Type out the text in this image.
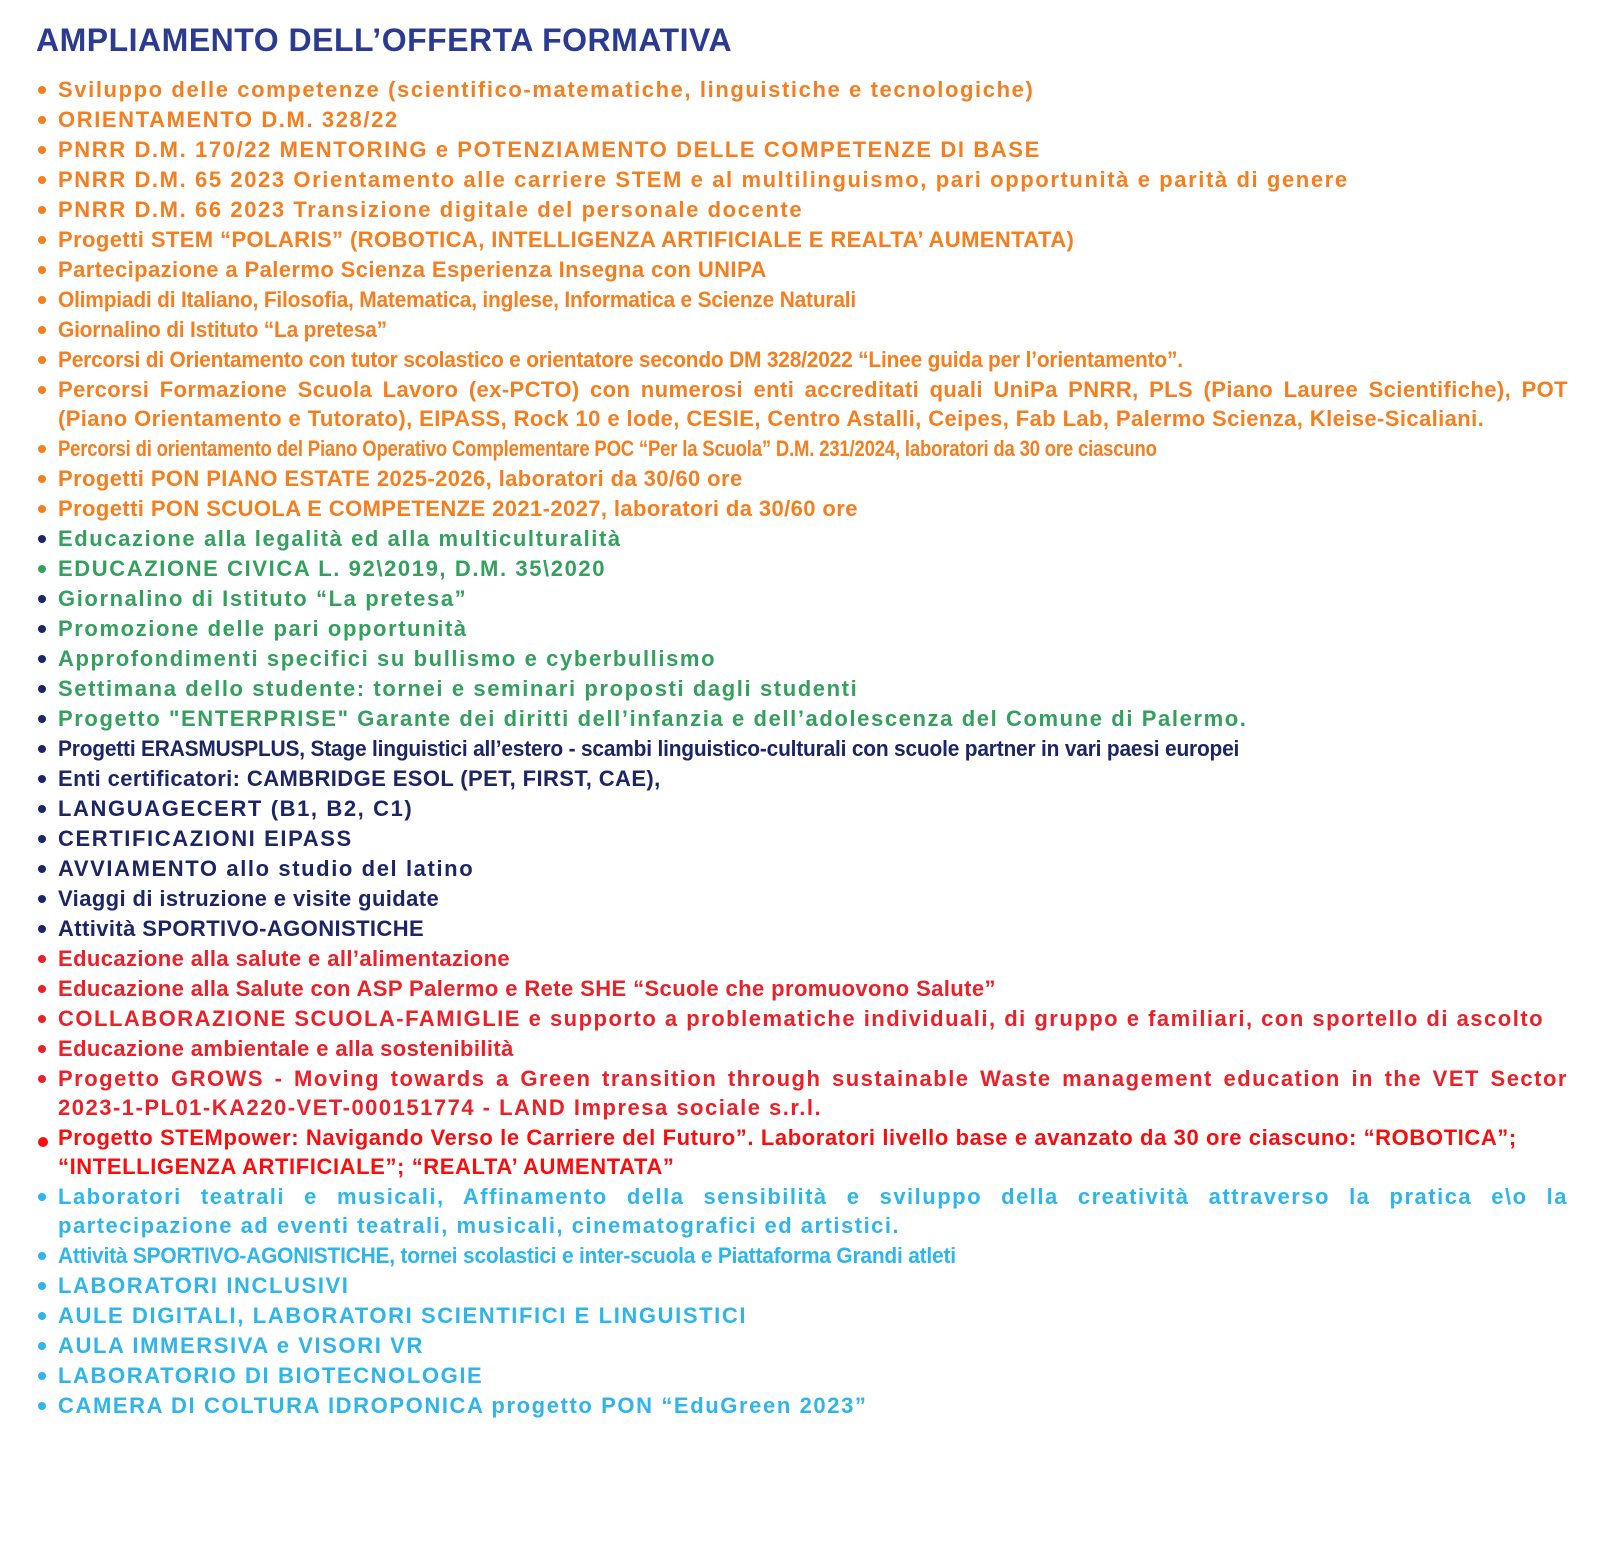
AMPLIAMENTO DELL’OFFERTA FORMATIVA
Sviluppo delle competenze (scientifico-matematiche, linguistiche e tecnologiche)
ORIENTAMENTO D.M. 328/22
PNRR D.M. 170/22 MENTORING e POTENZIAMENTO DELLE COMPETENZE DI BASE
PNRR D.M. 65 2023 Orientamento alle carriere STEM e al multilinguismo, pari opportunità e parità di genere
PNRR D.M. 66 2023 Transizione digitale del personale docente
Progetti STEM “POLARIS” (ROBOTICA, INTELLIGENZA ARTIFICIALE E REALTA’ AUMENTATA)
Partecipazione a Palermo Scienza Esperienza Insegna con UNIPA
Olimpiadi di Italiano, Filosofia, Matematica, inglese, Informatica e Scienze Naturali
Giornalino di Istituto “La pretesa”
Percorsi di Orientamento con tutor scolastico e orientatore secondo DM 328/2022 “Linee guida per l’orientamento”.
Percorsi Formazione Scuola Lavoro (ex-PCTO) con numerosi enti accreditati quali UniPa PNRR, PLS (Piano Lauree Scientifiche), POT (Piano Orientamento e Tutorato), EIPASS, Rock 10 e lode, CESIE, Centro Astalli, Ceipes, Fab Lab, Palermo Scienza, Kleise-Sicaliani.
Percorsi di orientamento del Piano Operativo Complementare POC “Per la Scuola” D.M. 231/2024, laboratori da 30 ore ciascuno
Progetti PON PIANO ESTATE 2025-2026, laboratori da 30/60 ore
Progetti PON SCUOLA E COMPETENZE 2021-2027, laboratori da 30/60 ore
Educazione alla legalità ed alla multiculturalità
EDUCAZIONE CIVICA L. 92\2019, D.M. 35\2020
Giornalino di Istituto “La pretesa”
Promozione delle pari opportunità
Approfondimenti specifici su bullismo e cyberbullismo
Settimana dello studente: tornei e seminari proposti dagli studenti
Progetto "ENTERPRISE" Garante dei diritti dell’infanzia e dell’adolescenza del Comune di Palermo.
Progetti ERASMUSPLUS, Stage linguistici all’estero - scambi linguistico-culturali con scuole partner in vari paesi europei
Enti certificatori: CAMBRIDGE ESOL (PET, FIRST, CAE),
LANGUAGECERT (B1, B2, C1)
CERTIFICAZIONI EIPASS
AVVIAMENTO allo studio del latino
Viaggi di istruzione e visite guidate
Attività SPORTIVO-AGONISTICHE
Educazione alla salute e all’alimentazione
Educazione alla Salute con ASP Palermo e Rete SHE “Scuole che promuovono Salute”
COLLABORAZIONE SCUOLA-FAMIGLIE e supporto a problematiche individuali, di gruppo e familiari, con sportello di ascolto
Educazione ambientale e alla sostenibilità
Progetto GROWS - Moving towards a Green transition through sustainable Waste management education in the VET Sector 2023-1-PL01-KA220-VET-000151774 - LAND Impresa sociale s.r.l.
Progetto STEMpower: Navigando Verso le Carriere del Futuro”. Laboratori livello base e avanzato da 30 ore ciascuno: “ROBOTICA”; “INTELLIGENZA ARTIFICIALE”; “REALTA’ AUMENTATA”
Laboratori teatrali e musicali, Affinamento della sensibilità e sviluppo della creatività attraverso la pratica e\o la partecipazione ad eventi teatrali, musicali, cinematografici ed artistici.
Attività SPORTIVO-AGONISTICHE, tornei scolastici e inter-scuola e Piattaforma Grandi atleti
LABORATORI INCLUSIVI
AULE DIGITALI, LABORATORI SCIENTIFICI E LINGUISTICI
AULA IMMERSIVA e VISORI VR
LABORATORIO DI BIOTECNOLOGIE
CAMERA DI COLTURA IDROPONICA progetto PON “EduGreen 2023”
